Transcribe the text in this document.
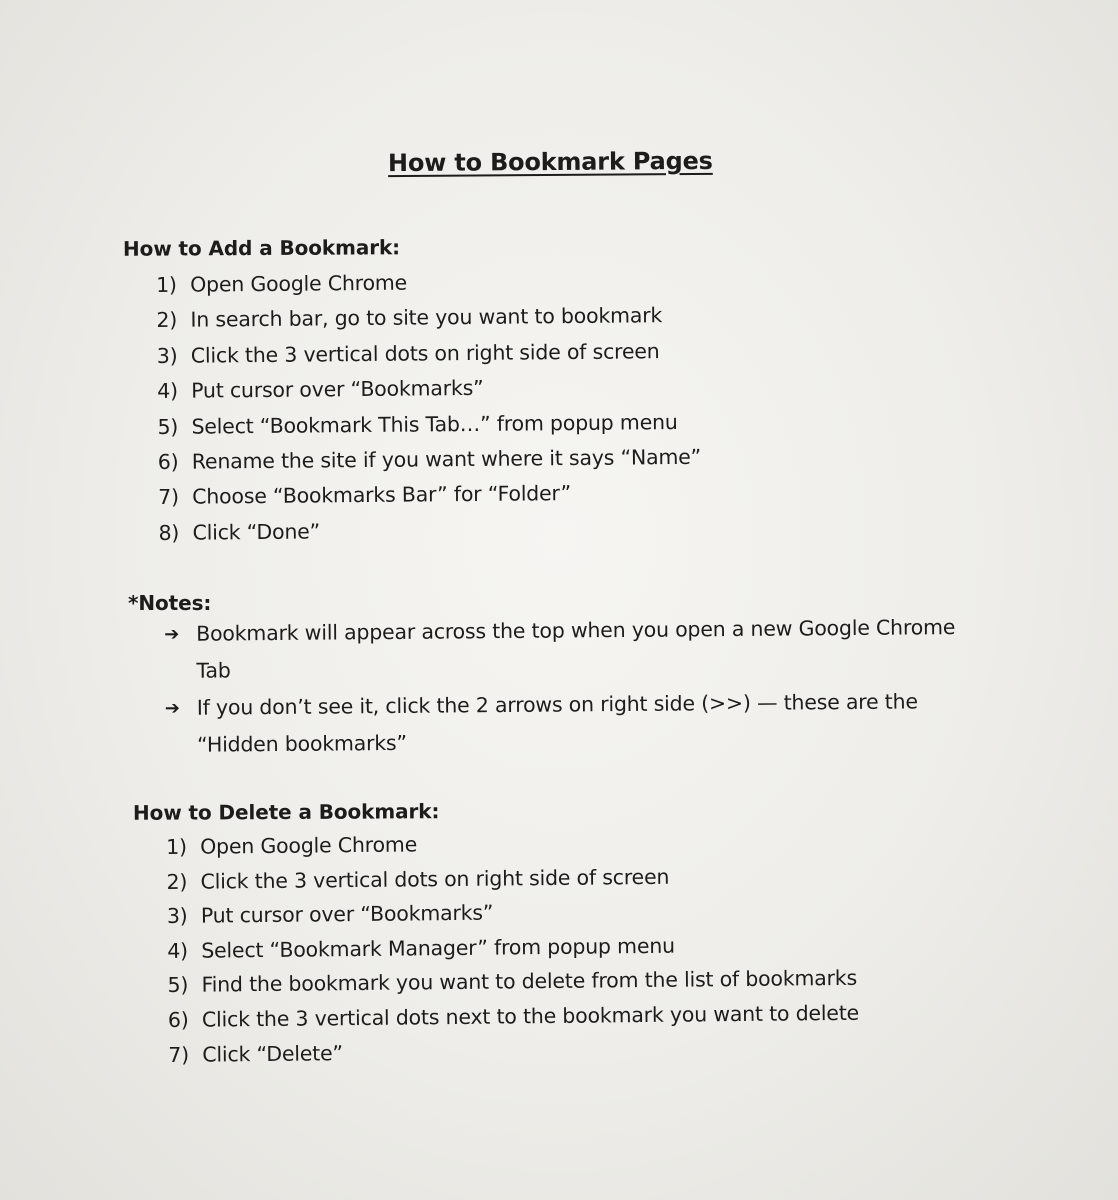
How to Bookmark Pages
How to Add a Bookmark:
1) Open Google Chrome
2) In search bar, go to site you want to bookmark
3) Click the 3 vertical dots on right side of screen
4) Put cursor over “Bookmarks”
5) Select “Bookmark This Tab…” from popup menu
6) Rename the site if you want where it says “Name”
7) Choose “Bookmarks Bar” for “Folder”
8) Click “Done”
*Notes:
➔ Bookmark will appear across the top when you open a new Google Chrome Tab
➔ If you don’t see it, click the 2 arrows on right side (>>) — these are the “Hidden bookmarks”
How to Delete a Bookmark:
1) Open Google Chrome
2) Click the 3 vertical dots on right side of screen
3) Put cursor over “Bookmarks”
4) Select “Bookmark Manager” from popup menu
5) Find the bookmark you want to delete from the list of bookmarks
6) Click the 3 vertical dots next to the bookmark you want to delete
7) Click “Delete”
